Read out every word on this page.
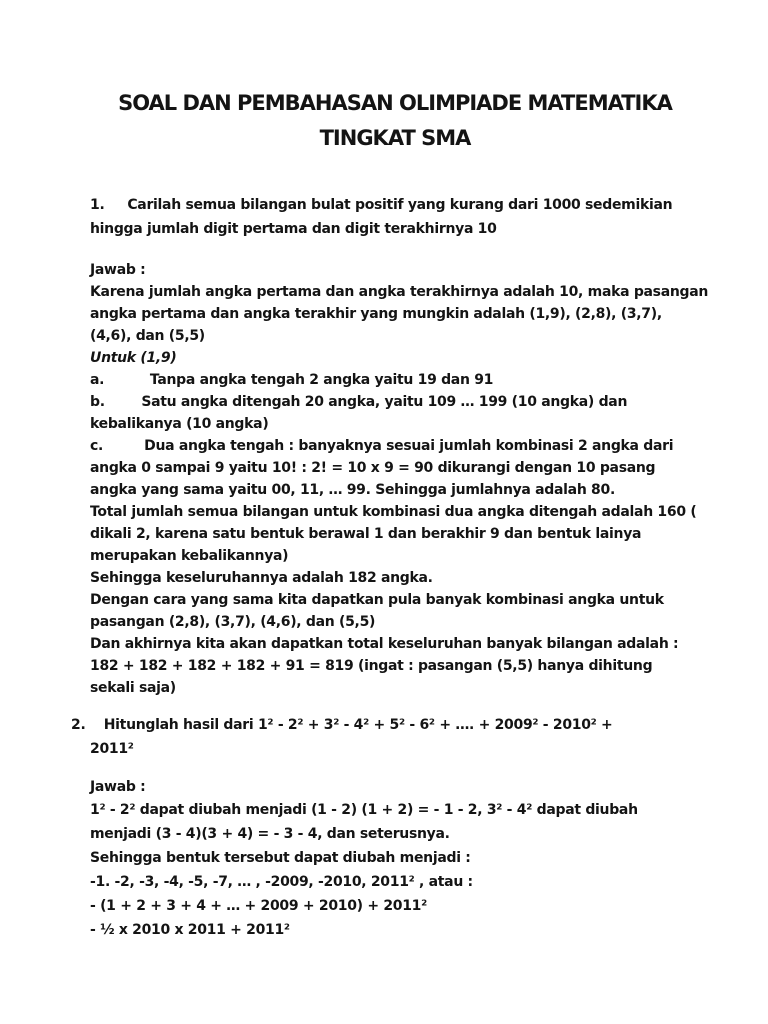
SOAL DAN PEMBAHASAN OLIMPIADE MATEMATIKA
TINGKAT SMA

1.     Carilah semua bilangan bulat positif yang kurang dari 1000 sedemikian

hingga jumlah digit pertama dan digit terakhirnya 10

Jawab :

Karena jumlah angka pertama dan angka terakhirnya adalah 10, maka pasangan

angka pertama dan angka terakhir yang mungkin adalah (1,9), (2,8), (3,7),

(4,6), dan (5,5)

Untuk (1,9)

a.          Tanpa angka tengah 2 angka yaitu 19 dan 91

b.        Satu angka ditengah 20 angka, yaitu 109 … 199 (10 angka) dan

kebalikanya (10 angka)

c.         Dua angka tengah : banyaknya sesuai jumlah kombinasi 2 angka dari

angka 0 sampai 9 yaitu 10! : 2! = 10 x 9 = 90 dikurangi dengan 10 pasang

angka yang sama yaitu 00, 11, … 99. Sehingga jumlahnya adalah 80.

Total jumlah semua bilangan untuk kombinasi dua angka ditengah adalah 160 (

dikali 2, karena satu bentuk berawal 1 dan berakhir 9 dan bentuk lainya

merupakan kebalikannya)

Sehingga keseluruhannya adalah 182 angka.

Dengan cara yang sama kita dapatkan pula banyak kombinasi angka untuk

pasangan (2,8), (3,7), (4,6), dan (5,5)

Dan akhirnya kita akan dapatkan total keseluruhan banyak bilangan adalah :

182 + 182 + 182 + 182 + 91 = 819 (ingat : pasangan (5,5) hanya dihitung

sekali saja)

2.    Hitunglah hasil dari 1² - 2² + 3² - 4² + 5² - 6² + …. + 2009² - 2010² +

2011²

Jawab :

1² - 2² dapat diubah menjadi (1 - 2) (1 + 2) = - 1 - 2, 3² - 4² dapat diubah

menjadi (3 - 4)(3 + 4) = - 3 - 4, dan seterusnya.

Sehingga bentuk tersebut dapat diubah menjadi :

-1. -2, -3, -4, -5, -7, … , -2009, -2010, 2011² , atau :

- (1 + 2 + 3 + 4 + … + 2009 + 2010) + 2011²

- ½ x 2010 x 2011 + 2011²
